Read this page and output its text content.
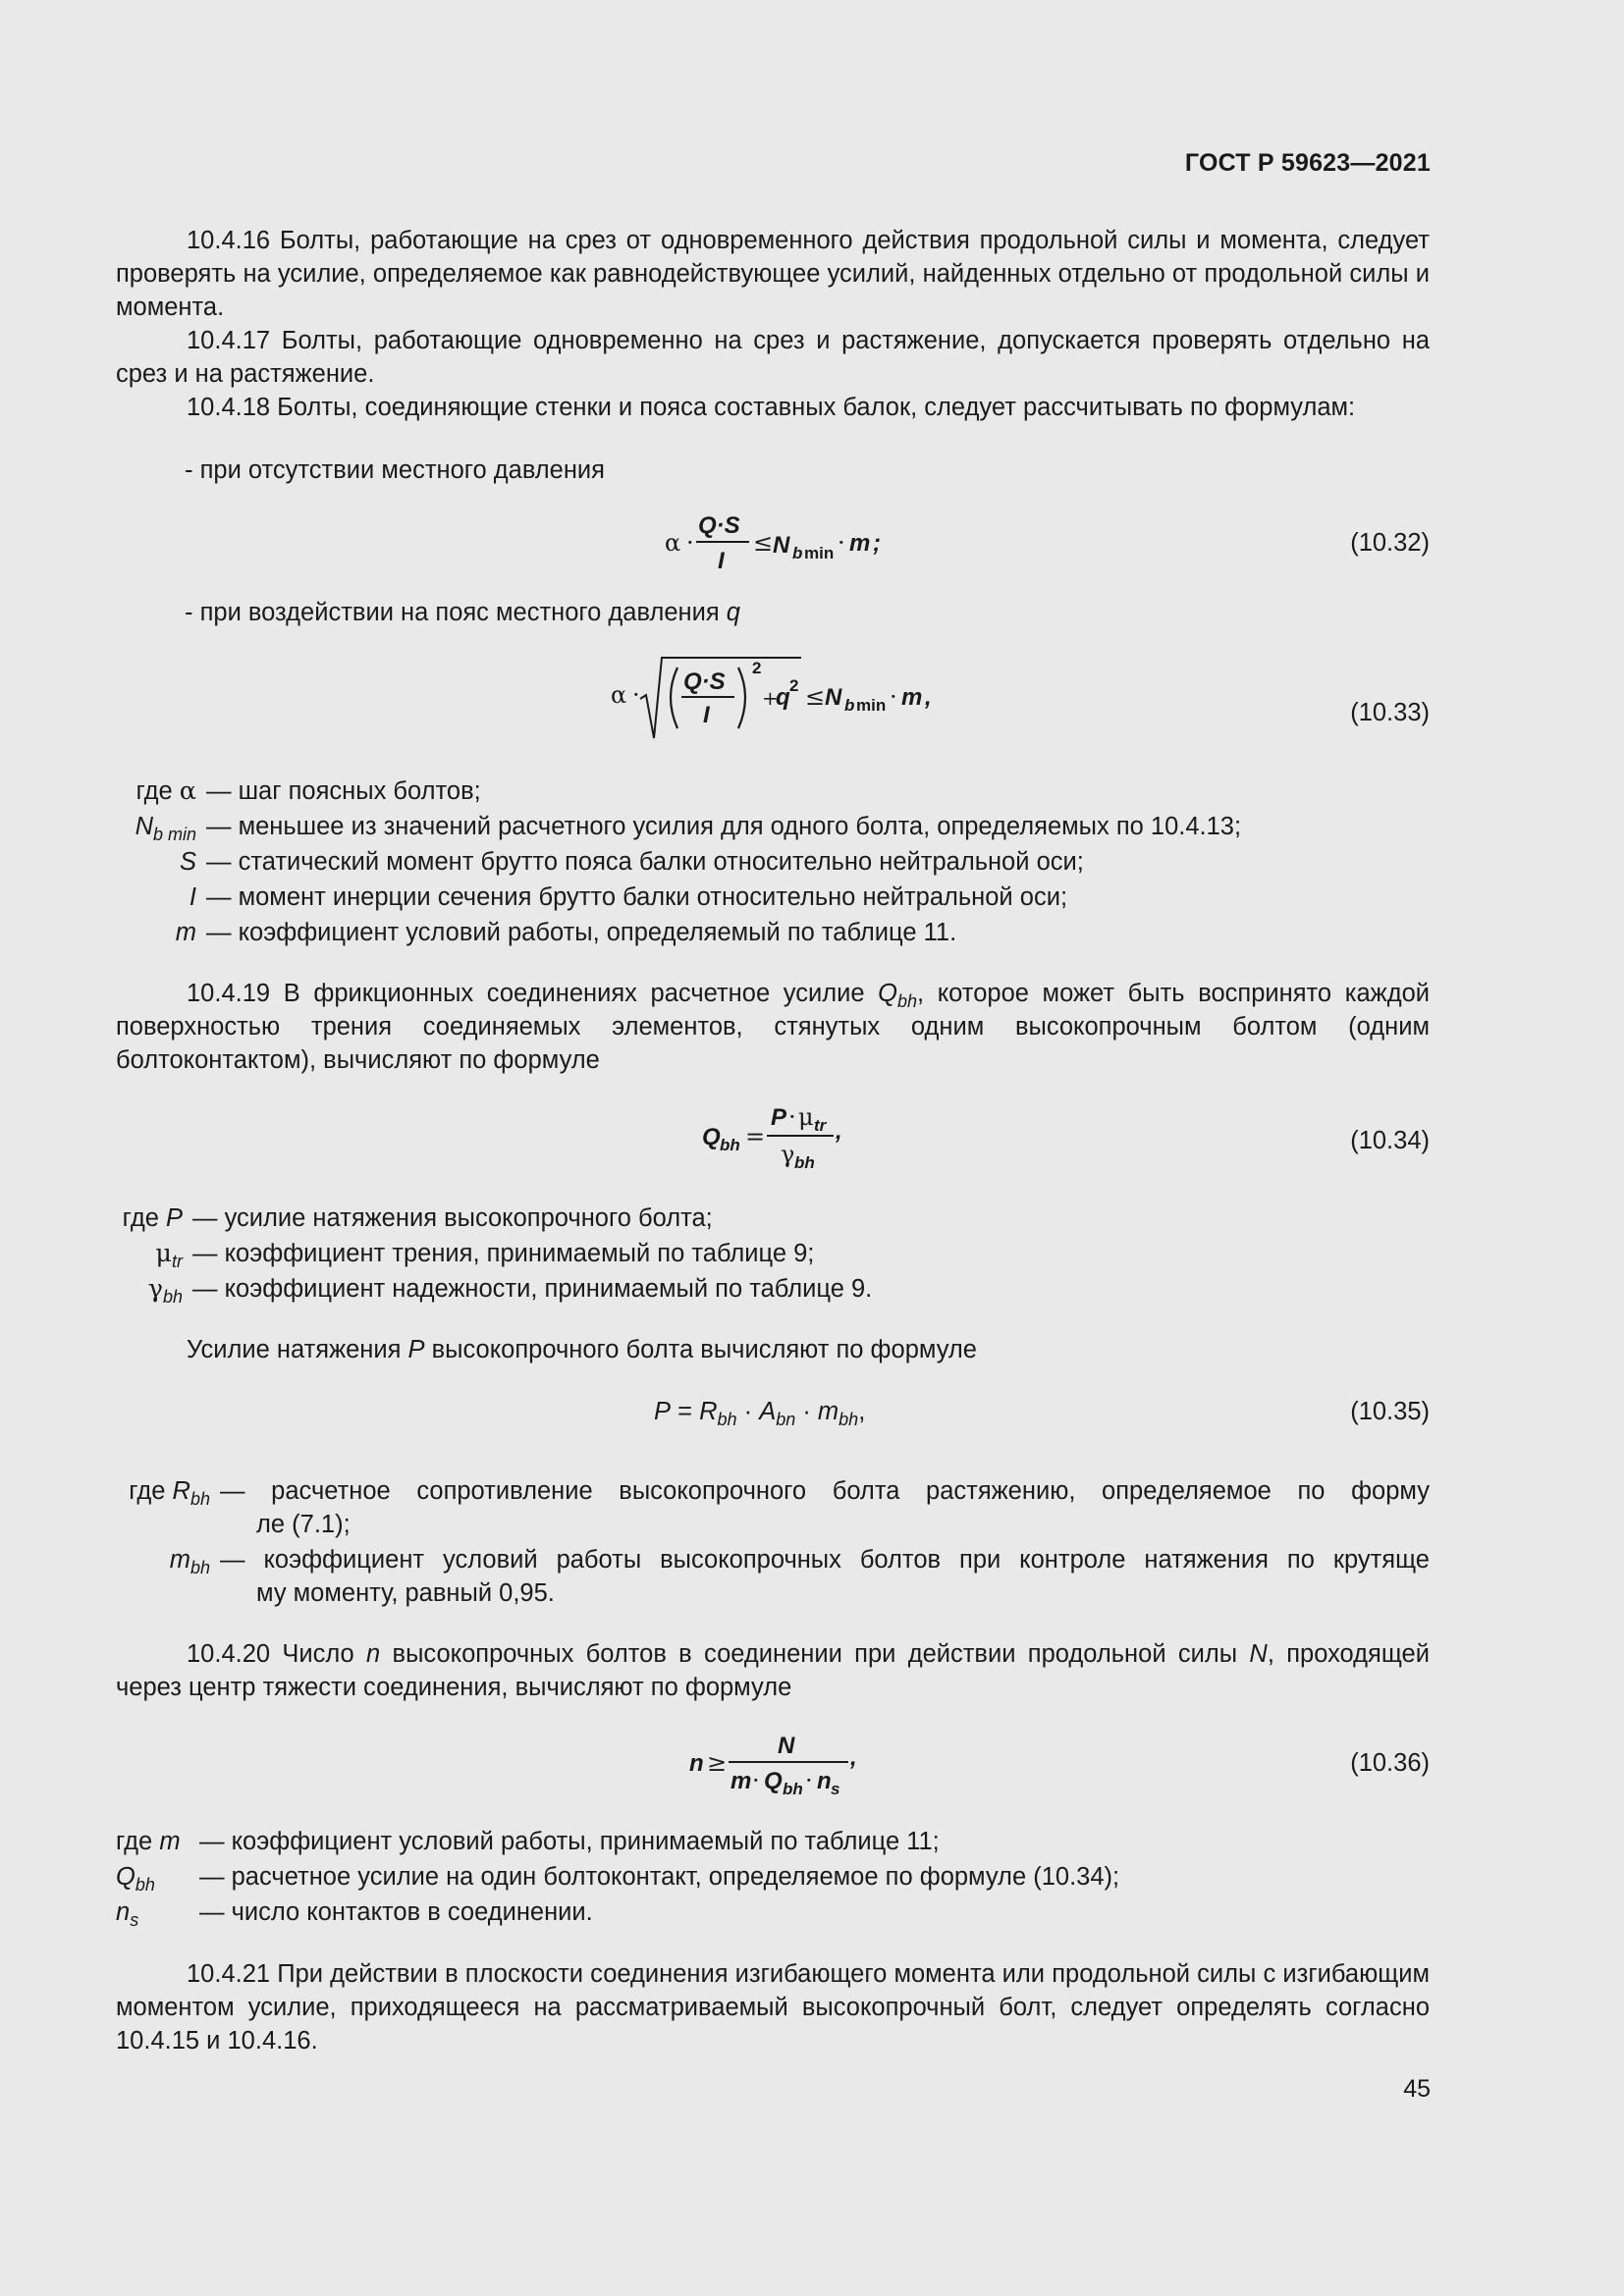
ГОСТ Р 59623—2021
10.4.16 Болты, работающие на срез от одновременного действия продольной силы и момента, следует проверять на усилие, определяемое как равнодействующее усилий, найденных отдельно от продольной силы и момента.
10.4.17 Болты, работающие одновременно на срез и растяжение, допускается проверять отдельно на срез и на растяжение.
10.4.18 Болты, соединяющие стенки и пояса составных балок, следует рассчитывать по формулам:
- при отсутствии местного давления
α ·
Q·S
I
≤ N b min · m ;	(10.32)
- при воздействии на пояс местного давления q
α · Q·S
I
2
+
q 2 ≤ N b min · m ,
(10.33)
где α — шаг поясных болтов;
$N_{b min}$ — меньшее из значений расчетного усилия для одного болта, определяемых по 10.4.13;
S — статический момент брутто пояса балки относительно нейтральной оси;
I — момент инерции сечения брутто балки относительно нейтральной оси;
m — коэффициент условий работы, определяемый по таблице 11.
10.4.19 В фрикционных соединениях расчетное усилие $Q_{bh}$, которое может быть воспринято каждой поверхностью трения соединяемых элементов, стянутых одним высокопрочным болтом (одним болтоконтактом), вычисляют по формуле
Q bh =
P · μ tr
γ bh
,	(10.34)
где P — усилие натяжения высокопрочного болта;
$\mu_{tr}$ — коэффициент трения, принимаемый по таблице 9;
$\gamma_{bh}$ — коэффициент надежности, принимаемый по таблице 9.
Усилие натяжения P высокопрочного болта вычисляют по формуле
$P = R_{bh} \cdot A_{bn} \cdot m_{bh}$,	(10.35)
где $R_{bh}$ — расчетное сопротивление высокопрочного болта растяжению, определяемое по форму
ле (7.1);
$m_{bh}$ — коэффициент условий работы высокопрочных болтов при контроле натяжения по крутяще
му моменту, равный 0,95.
10.4.20 Число n высокопрочных болтов в соединении при действии продольной силы N, проходящей через центр тяжести соединения, вычисляют по формуле
n ≥
N
m · Q bh · n s
,	(10.36)
где m — коэффициент условий работы, принимаемый по таблице 11;
$Q_{bh}$ — расчетное усилие на один болтоконтакт, определяемое по формуле (10.34);
$n_s$ — число контактов в соединении.
10.4.21 При действии в плоскости соединения изгибающего момента или продольной силы с изгибающим моментом усилие, приходящееся на рассматриваемый высокопрочный болт, следует определять согласно 10.4.15 и 10.4.16.
45
